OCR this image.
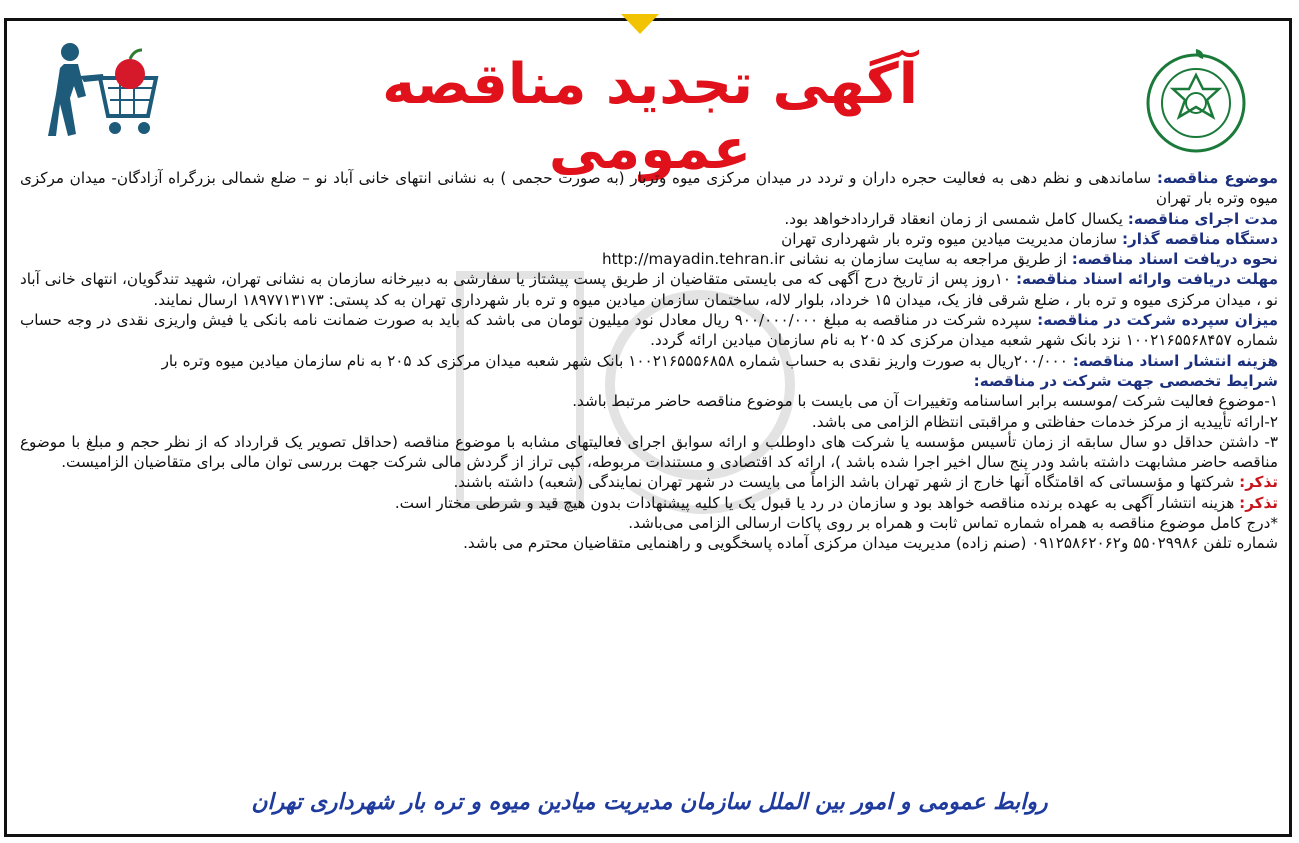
آگهی تجدید مناقصه عمومی	موضوع مناقصه: ساماندهی و نظم دهی به فعالیت حجره داران و تردد در میدان مرکزی میوه وتربار (به صورت حجمی ) به نشانی انتهای خانی آباد نو – ضلع شمالی بزرگراه آزادگان- میدان مرکزی میوه وتره بار تهران

مدت اجرای مناقصه: یکسال کامل شمسی از زمان انعقاد قراردادخواهد بود.

دستگاه مناقصه گذار: سازمان مدیریت میادین میوه وتره بار شهرداری تهران

نحوه دریافت اسناد مناقصه: از طریق مراجعه به سایت سازمان به نشانی http://mayadin.tehran.ir

مهلت دریافت وارائه اسناد مناقصه: ۱۰روز پس از تاریخ درج آگهی که می بایستی متقاضیان از طریق پست پیشتاز یا سفارشی به دبیرخانه سازمان به نشانی تهران، شهید تندگویان، انتهای خانی آباد نو ، میدان مرکزی میوه و تره بار ، ضلع شرقی فاز یک، میدان ۱۵ خرداد، بلوار لاله، ساختمان سازمان میادین میوه و تره بار شهرداری تهران به کد پستی: ۱۸۹۷۷۱۳۱۷۳ ارسال نمایند.

میزان سپرده شرکت در مناقصه: سپرده شرکت در مناقصه به مبلغ ۹۰۰/۰۰۰/۰۰۰ ریال معادل نود میلیون تومان می باشد که باید به صورت ضمانت نامه بانکی یا فیش واریزی نقدی در وجه حساب شماره ۱۰۰۲۱۶۵۵۶۸۴۵۷ نزد بانک شهر شعبه میدان مرکزی کد ۲۰۵ به نام سازمان میادین ارائه گردد.

هزینه انتشار اسناد مناقصه: ۲۰۰/۰۰۰ریال به صورت واریز نقدی به حساب شماره ۱۰۰۲۱۶۵۵۵۶۸۵۸ بانک شهر شعبه میدان مرکزی کد ۲۰۵ به نام سازمان میادین میوه وتره بار

شرایط تخصصی جهت شرکت در مناقصه:

۱-موضوع فعالیت شرکت /موسسه برابر اساسنامه وتغییرات آن می بایست با موضوع مناقصه حاضر مرتبط باشد.

۲-ارائه تأییدیه از مرکز خدمات حفاظتی و مراقبتی انتظام الزامی می باشد.

۳- داشتن حداقل دو سال سابقه از زمان تأسیس مؤسسه یا شرکت های داوطلب و ارائه سوابق اجرای فعالیتهای مشابه با موضوع مناقصه (حداقل تصویر یک قرارداد که از نظر حجم و مبلغ با موضوع مناقصه حاضر مشابهت داشته باشد ودر پنج سال اخیر اجرا شده باشد )، ارائه کد اقتصادی و مستندات مربوطه، کپی تراز از گردش مالی شرکت جهت بررسی توان مالی برای متقاضیان الزامیست.

تذکر: شرکتها و مؤسساتی که اقامتگاه آنها خارج از شهر تهران باشد الزاماً می بایست در شهر تهران نمایندگی (شعبه) داشته باشند.

تذکر: هزینه انتشار آگهی به عهده برنده مناقصه خواهد بود و سازمان در رد یا قبول یک یا کلیه پیشنهادات بدون هیچ قید و شرطی مختار است.

*درج کامل موضوع مناقصه به همراه شماره تماس ثابت و همراه بر روی پاکات ارسالی الزامی می‌باشد.

شماره تلفن ۵۵۰۲۹۹۸۶ و۰۹۱۲۵۸۶۲۰۶۲ (صنم زاده) مدیریت میدان مرکزی آماده پاسخگویی و راهنمایی متقاضیان محترم می باشد.

روابط عمومی و امور بین الملل سازمان مدیریت میادین میوه و تره بار شهرداری تهران
